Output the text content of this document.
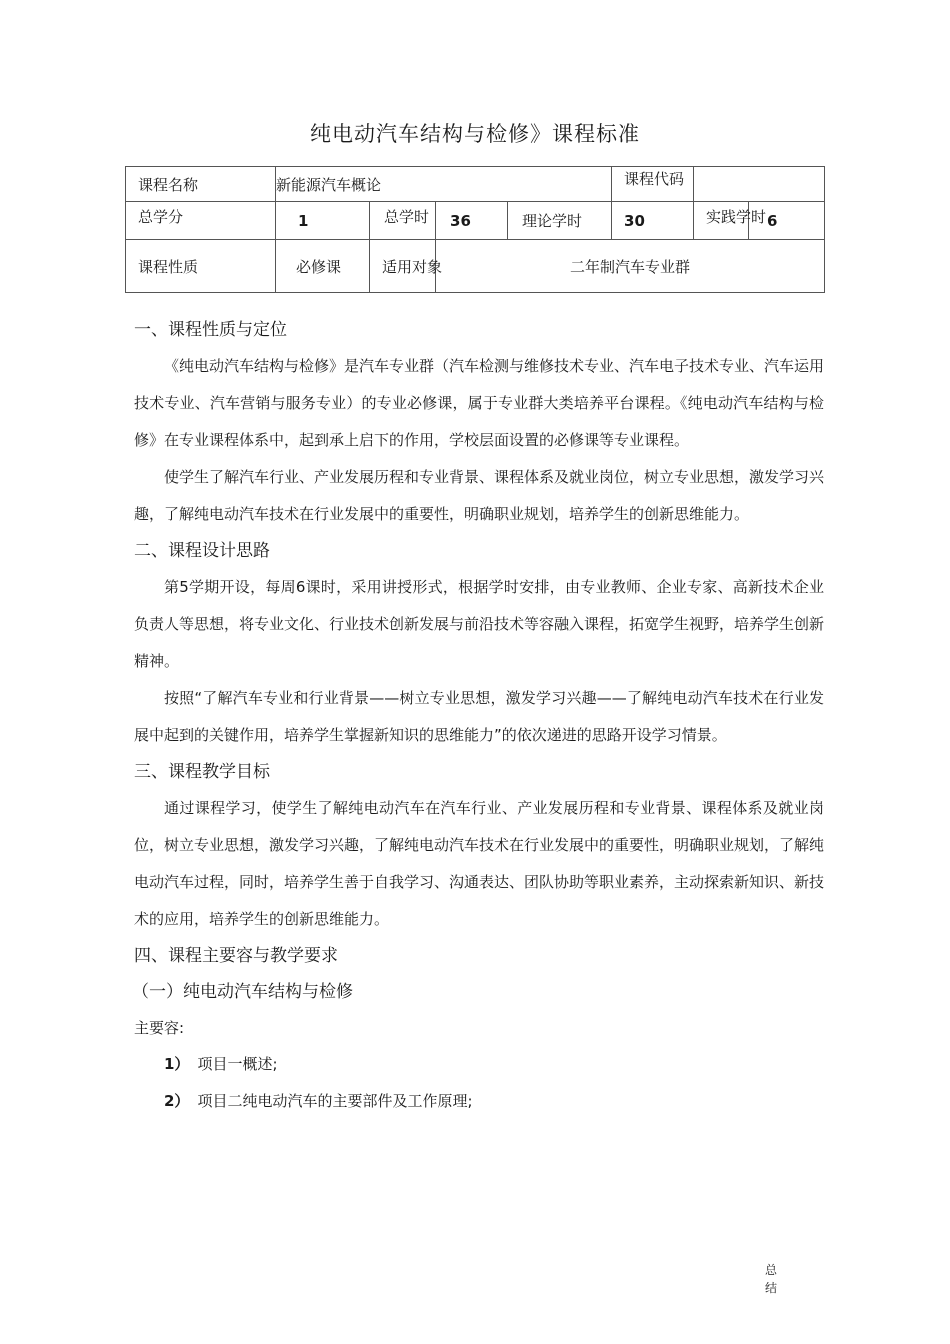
纯电动汽车结构与检修》课程标准
课程名称	新能源汽车概论				课程代码		
总学分	1	总学时	36	理论学时	30	实践学时	6
课程性质	必修课	适用对象	二年制汽车专业群				

一、课程性质与定位

《纯电动汽车结构与检修》是汽车专业群（汽车检测与维修技术专业、汽车电子技术专业、汽车运用技术专业、汽车营销与服务专业）的专业必修课，属于专业群大类培养平台课程。《纯电动汽车结构与检修》在专业课程体系中，起到承上启下的作用，学校层面设置的必修课等专业课程。

使学生了解汽车行业、产业发展历程和专业背景、课程体系及就业岗位，树立专业思想，激发学习兴趣，了解纯电动汽车技术在行业发展中的重要性，明确职业规划，培养学生的创新思维能力。

二、课程设计思路

第5学期开设，每周6课时，采用讲授形式，根据学时安排，由专业教师、企业专家、高新技术企业负责人等思想，将专业文化、行业技术创新发展与前沿技术等容融入课程，拓宽学生视野，培养学生创新精神。

按照“了解汽车专业和行业背景——树立专业思想，激发学习兴趣——了解纯电动汽车技术在行业发展中起到的关键作用，培养学生掌握新知识的思维能力”的依次递进的思路开设学习情景。

三、课程教学目标

通过课程学习，使学生了解纯电动汽车在汽车行业、产业发展历程和专业背景、课程体系及就业岗位，树立专业思想，激发学习兴趣，了解纯电动汽车技术在行业发展中的重要性，明确职业规划，了解纯电动汽车过程，同时，培养学生善于自我学习、沟通表达、团队协助等职业素养，主动探索新知识、新技术的应用，培养学生的创新思维能力。

四、课程主要容与教学要求

（一）纯电动汽车结构与检修

主要容:

1） 项目一概述;

2） 项目二纯电动汽车的主要部件及工作原理;

总
结
